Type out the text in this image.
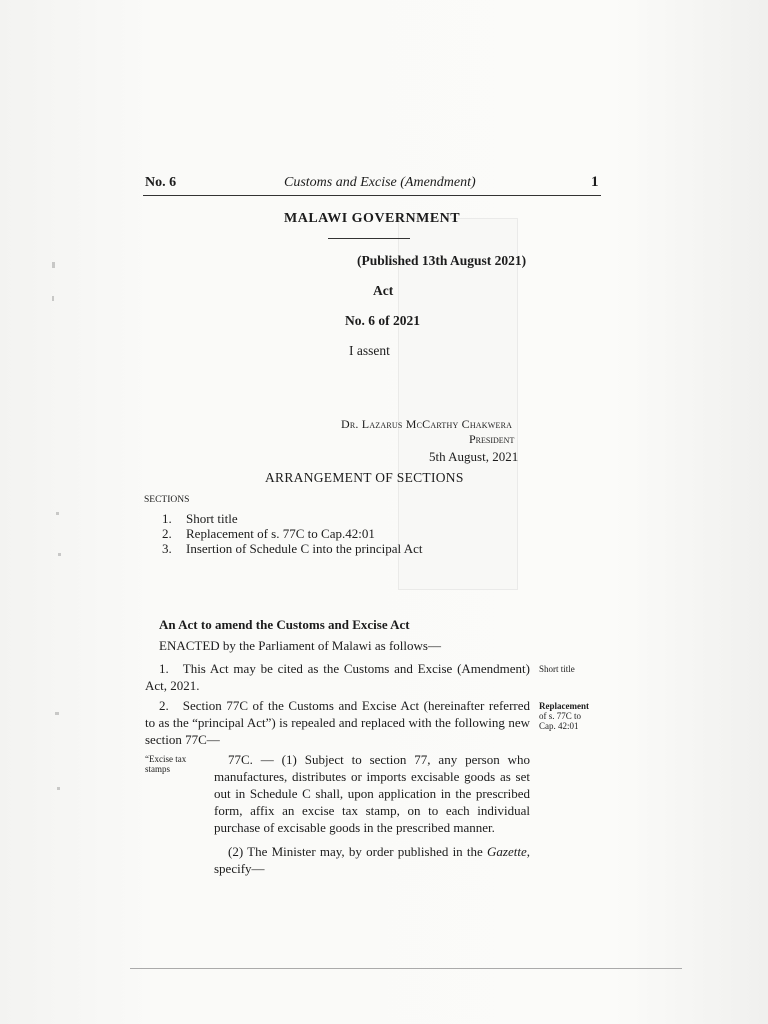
No. 6	Customs and Excise (Amendment)	1
MALAWI GOVERNMENT
(Published 13th August 2021)
Act
No. 6 of 2021
I assent
Dr. Lazarus McCarthy Chakwera
President
5th August, 2021
ARRANGEMENT OF SECTIONS
SECTIONS
1. Short title
2. Replacement of s. 77C to Cap.42:01
3. Insertion of Schedule C into the principal Act
An Act to amend the Customs and Excise Act
ENACTED by the Parliament of Malawi as follows—
1. This Act may be cited as the Customs and Excise (Amendment) Act, 2021.
Short title
2. Section 77C of the Customs and Excise Act (hereinafter referred to as the “principal Act”) is repealed and replaced with the following new section 77C—
Replacement
of s. 77C to Cap. 42:01
“Excise tax stamps
77C. — (1) Subject to section 77, any person who manufactures, distributes or imports excisable goods as set out in Schedule C shall, upon application in the prescribed form, affix an excise tax stamp, on to each individual purchase of excisable goods in the prescribed manner.
(2) The Minister may, by order published in the Gazette, specify—
